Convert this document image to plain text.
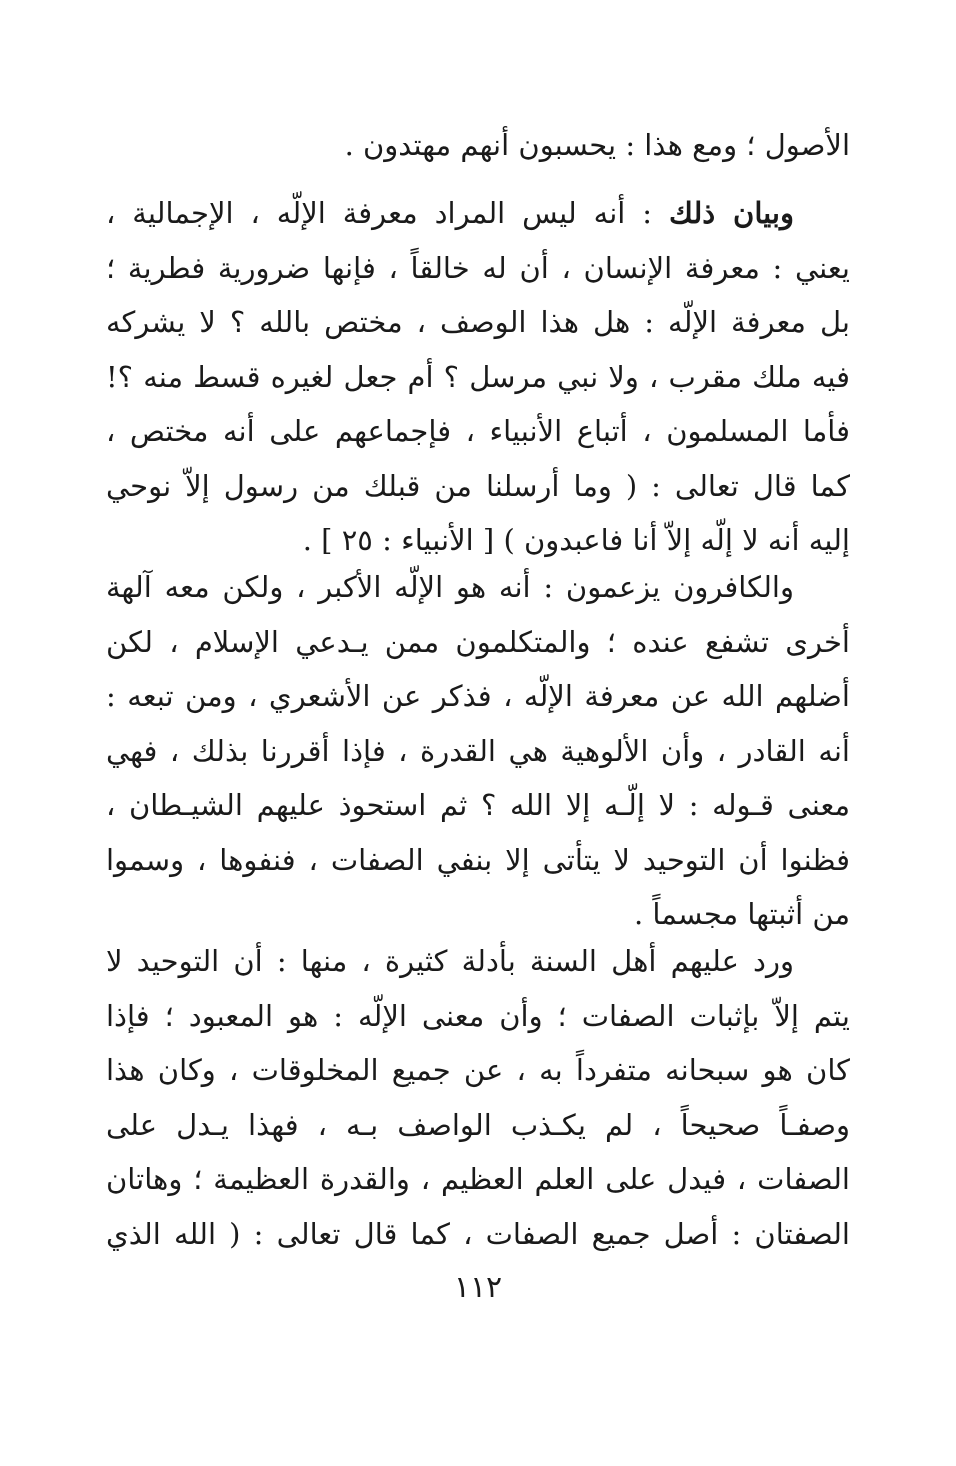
الأصول ؛ ومع هذا : يحسبون أنهم مهتدون .
وبيان ذلك : أنه ليس المراد معرفة الإلّه ، الإجمالية ،
يعني : معرفة الإنسان ، أن له خالقاً ، فإنها ضرورية فطرية ؛
بل معرفة الإلّه : هل هذا الوصف ، مختص بالله ؟ لا يشركه
فيه ملك مقرب ، ولا نبي مرسل ؟ أم جعل لغيره قسط منه ؟!
فأما المسلمون ، أتباع الأنبياء ، فإجماعهم على أنه مختص ،
كما قال تعالى : ( وما أرسلنا من قبلك من رسول إلاّ نوحي
إليه أنه لا إلّه إلاّ أنا فاعبدون ) [ الأنبياء : ٢٥ ] .
والكافرون يزعمون : أنه هو الإلّه الأكبر ، ولكن معه آلهة
أخرى تشفع عنده ؛ والمتكلمون ممن يـدعي الإسلام ، لكن
أضلهم الله عن معرفة الإلّه ، فذكر عن الأشعري ، ومن تبعه :
أنه القادر ، وأن الألوهية هي القدرة ، فإذا أقررنا بذلك ، فهي
معنى قـوله : لا إلّـه إلا الله ؟ ثم استحوذ عليهم الشيـطان ،
فظنوا أن التوحيد لا يتأتى إلا بنفي الصفات ، فنفوها ، وسموا
من أثبتها مجسماً .
ورد عليهم أهل السنة بأدلة كثيرة ، منها : أن التوحيد لا
يتم إلاّ بإثبات الصفات ؛ وأن معنى الإلّه : هو المعبود ؛ فإذا
كان هو سبحانه متفرداً به ، عن جميع المخلوقات ، وكان هذا
وصفـاً صحيحاً ، لم يكـذب الواصف بـه ، فهذا يـدل على
الصفات ، فيدل على العلم العظيم ، والقدرة العظيمة ؛ وهاتان
الصفتان : أصل جميع الصفات ، كما قال تعالى : ( الله الذي
١١٢
